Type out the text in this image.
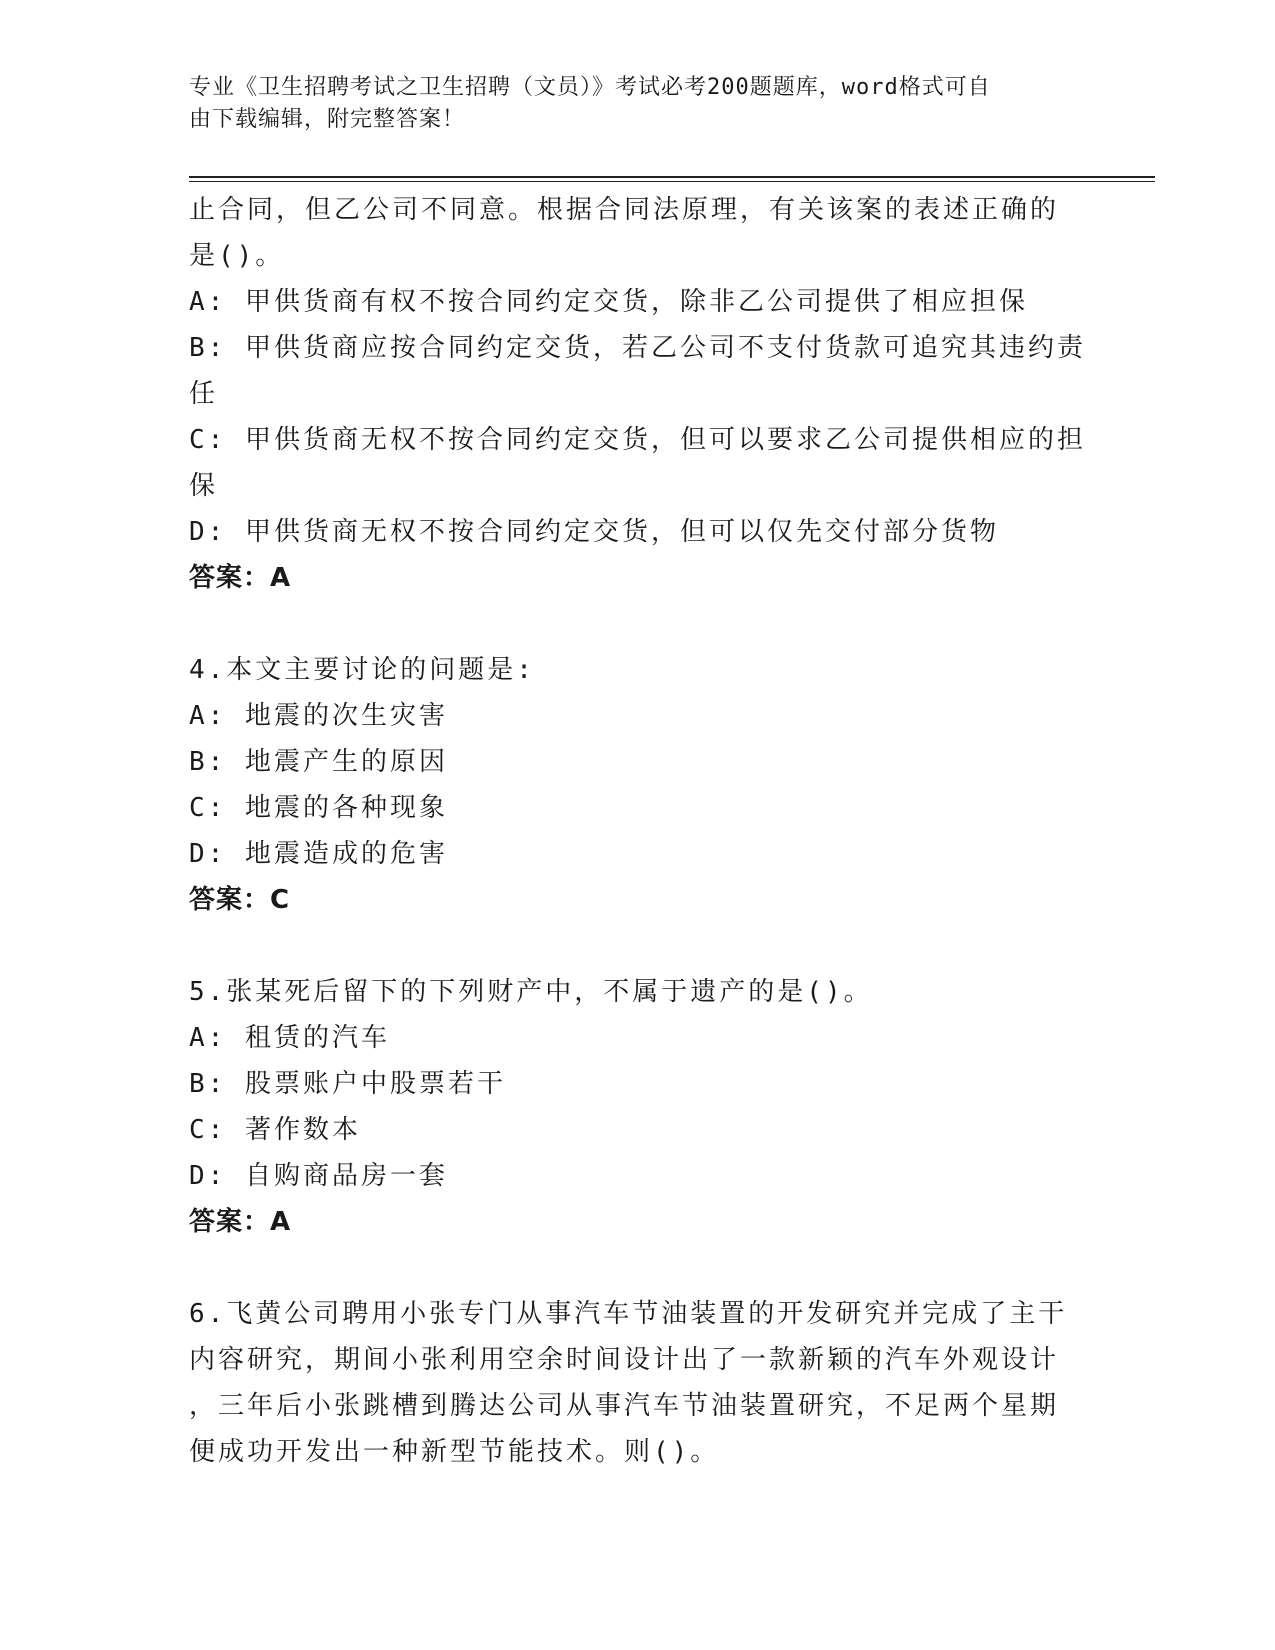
专业《卫生招聘考试之卫生招聘（文员）》考试必考200题题库，word格式可自
由下载编辑，附完整答案！
止合同，但乙公司不同意。根据合同法原理，有关该案的表述正确的
是()。
A: 甲供货商有权不按合同约定交货，除非乙公司提供了相应担保
B: 甲供货商应按合同约定交货，若乙公司不支付货款可追究其违约责
任
C: 甲供货商无权不按合同约定交货，但可以要求乙公司提供相应的担
保
D: 甲供货商无权不按合同约定交货，但可以仅先交付部分货物
答案：A
4.本文主要讨论的问题是:
A: 地震的次生灾害
B: 地震产生的原因
C: 地震的各种现象
D: 地震造成的危害
答案：C
5.张某死后留下的下列财产中，不属于遗产的是()。
A: 租赁的汽车
B: 股票账户中股票若干
C: 著作数本
D: 自购商品房一套
答案：A
6.飞黄公司聘用小张专门从事汽车节油装置的开发研究并完成了主干
内容研究，期间小张利用空余时间设计出了一款新颖的汽车外观设计
，三年后小张跳槽到腾达公司从事汽车节油装置研究，不足两个星期
便成功开发出一种新型节能技术。则()。
